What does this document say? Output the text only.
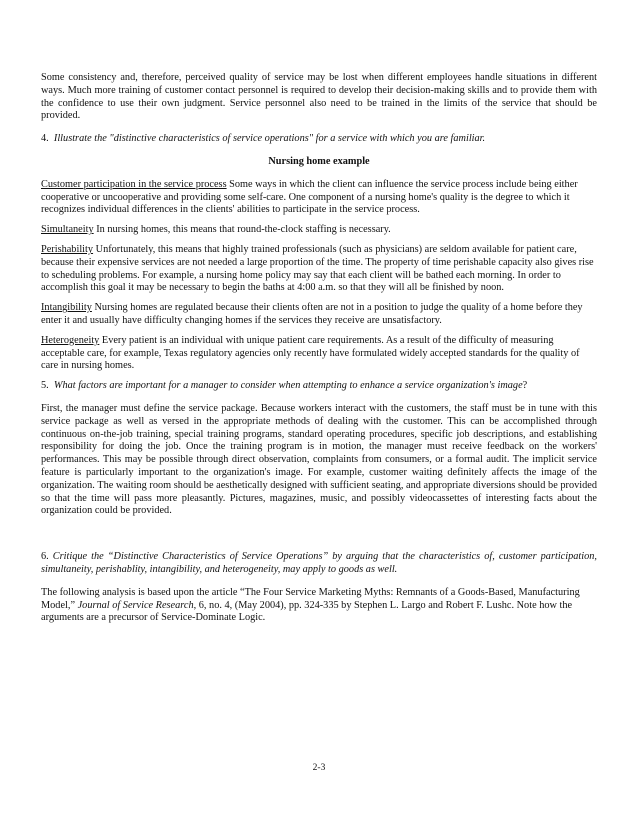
Some consistency and, therefore, perceived quality of service may be lost when different employees handle situations in different ways. Much more training of customer contact personnel is required to develop their decision-making skills and to provide them with the confidence to use their own judgment. Service personnel also need to be trained in the limits of the service that should be provided.

4. Illustrate the "distinctive characteristics of service operations" for a service with which you are familiar.

Nursing home example

Customer participation in the service process Some ways in which the client can influence the service process include being either cooperative or uncooperative and providing some self-care. One component of a nursing home's quality is the degree to which it recognizes individual differences in the clients' abilities to participate in the service process.

Simultaneity In nursing homes, this means that round-the-clock staffing is necessary.

Perishability Unfortunately, this means that highly trained professionals (such as physicians) are seldom available for patient care, because their expensive services are not needed a large proportion of the time. The property of time perishable capacity also gives rise to scheduling problems. For example, a nursing home policy may say that each client will be bathed each morning. In order to accomplish this goal it may be necessary to begin the baths at 4:00 a.m. so that they will all be finished by noon.

Intangibility Nursing homes are regulated because their clients often are not in a position to judge the quality of a home before they enter it and usually have difficulty changing homes if the services they receive are unsatisfactory.

Heterogeneity Every patient is an individual with unique patient care requirements. As a result of the difficulty of measuring acceptable care, for example, Texas regulatory agencies only recently have formulated widely accepted standards for the quality of care in nursing homes.

5. What factors are important for a manager to consider when attempting to enhance a service organization's image?

First, the manager must define the service package. Because workers interact with the customers, the staff must be in tune with this service package as well as versed in the appropriate methods of dealing with the customer. This can be accomplished through continuous on-the-job training, special training programs, standard operating procedures, specific job descriptions, and establishing responsibility for doing the job. Once the training program is in motion, the manager must receive feedback on the workers' performances. This may be possible through direct observation, complaints from consumers, or a formal audit. The implicit service feature is particularly important to the organization's image. For example, customer waiting definitely affects the image of the organization. The waiting room should be aesthetically designed with sufficient seating, and appropriate diversions should be provided so that the time will pass more pleasantly. Pictures, magazines, music, and possibly videocassettes of interesting facts about the organization could be provided.

6. Critique the “Distinctive Characteristics of Service Operations” by arguing that the characteristics of, customer participation, simultaneity, perishablity, intangibility, and heterogeneity, may apply to goods as well.

The following analysis is based upon the article “The Four Service Marketing Myths: Remnants of a Goods-Based, Manufacturing Model,” Journal of Service Research, 6, no. 4, (May 2004), pp. 324-335 by Stephen L. Largo and Robert F. Lushc. Note how the arguments are a precursor of Service-Dominate Logic.

2-3
